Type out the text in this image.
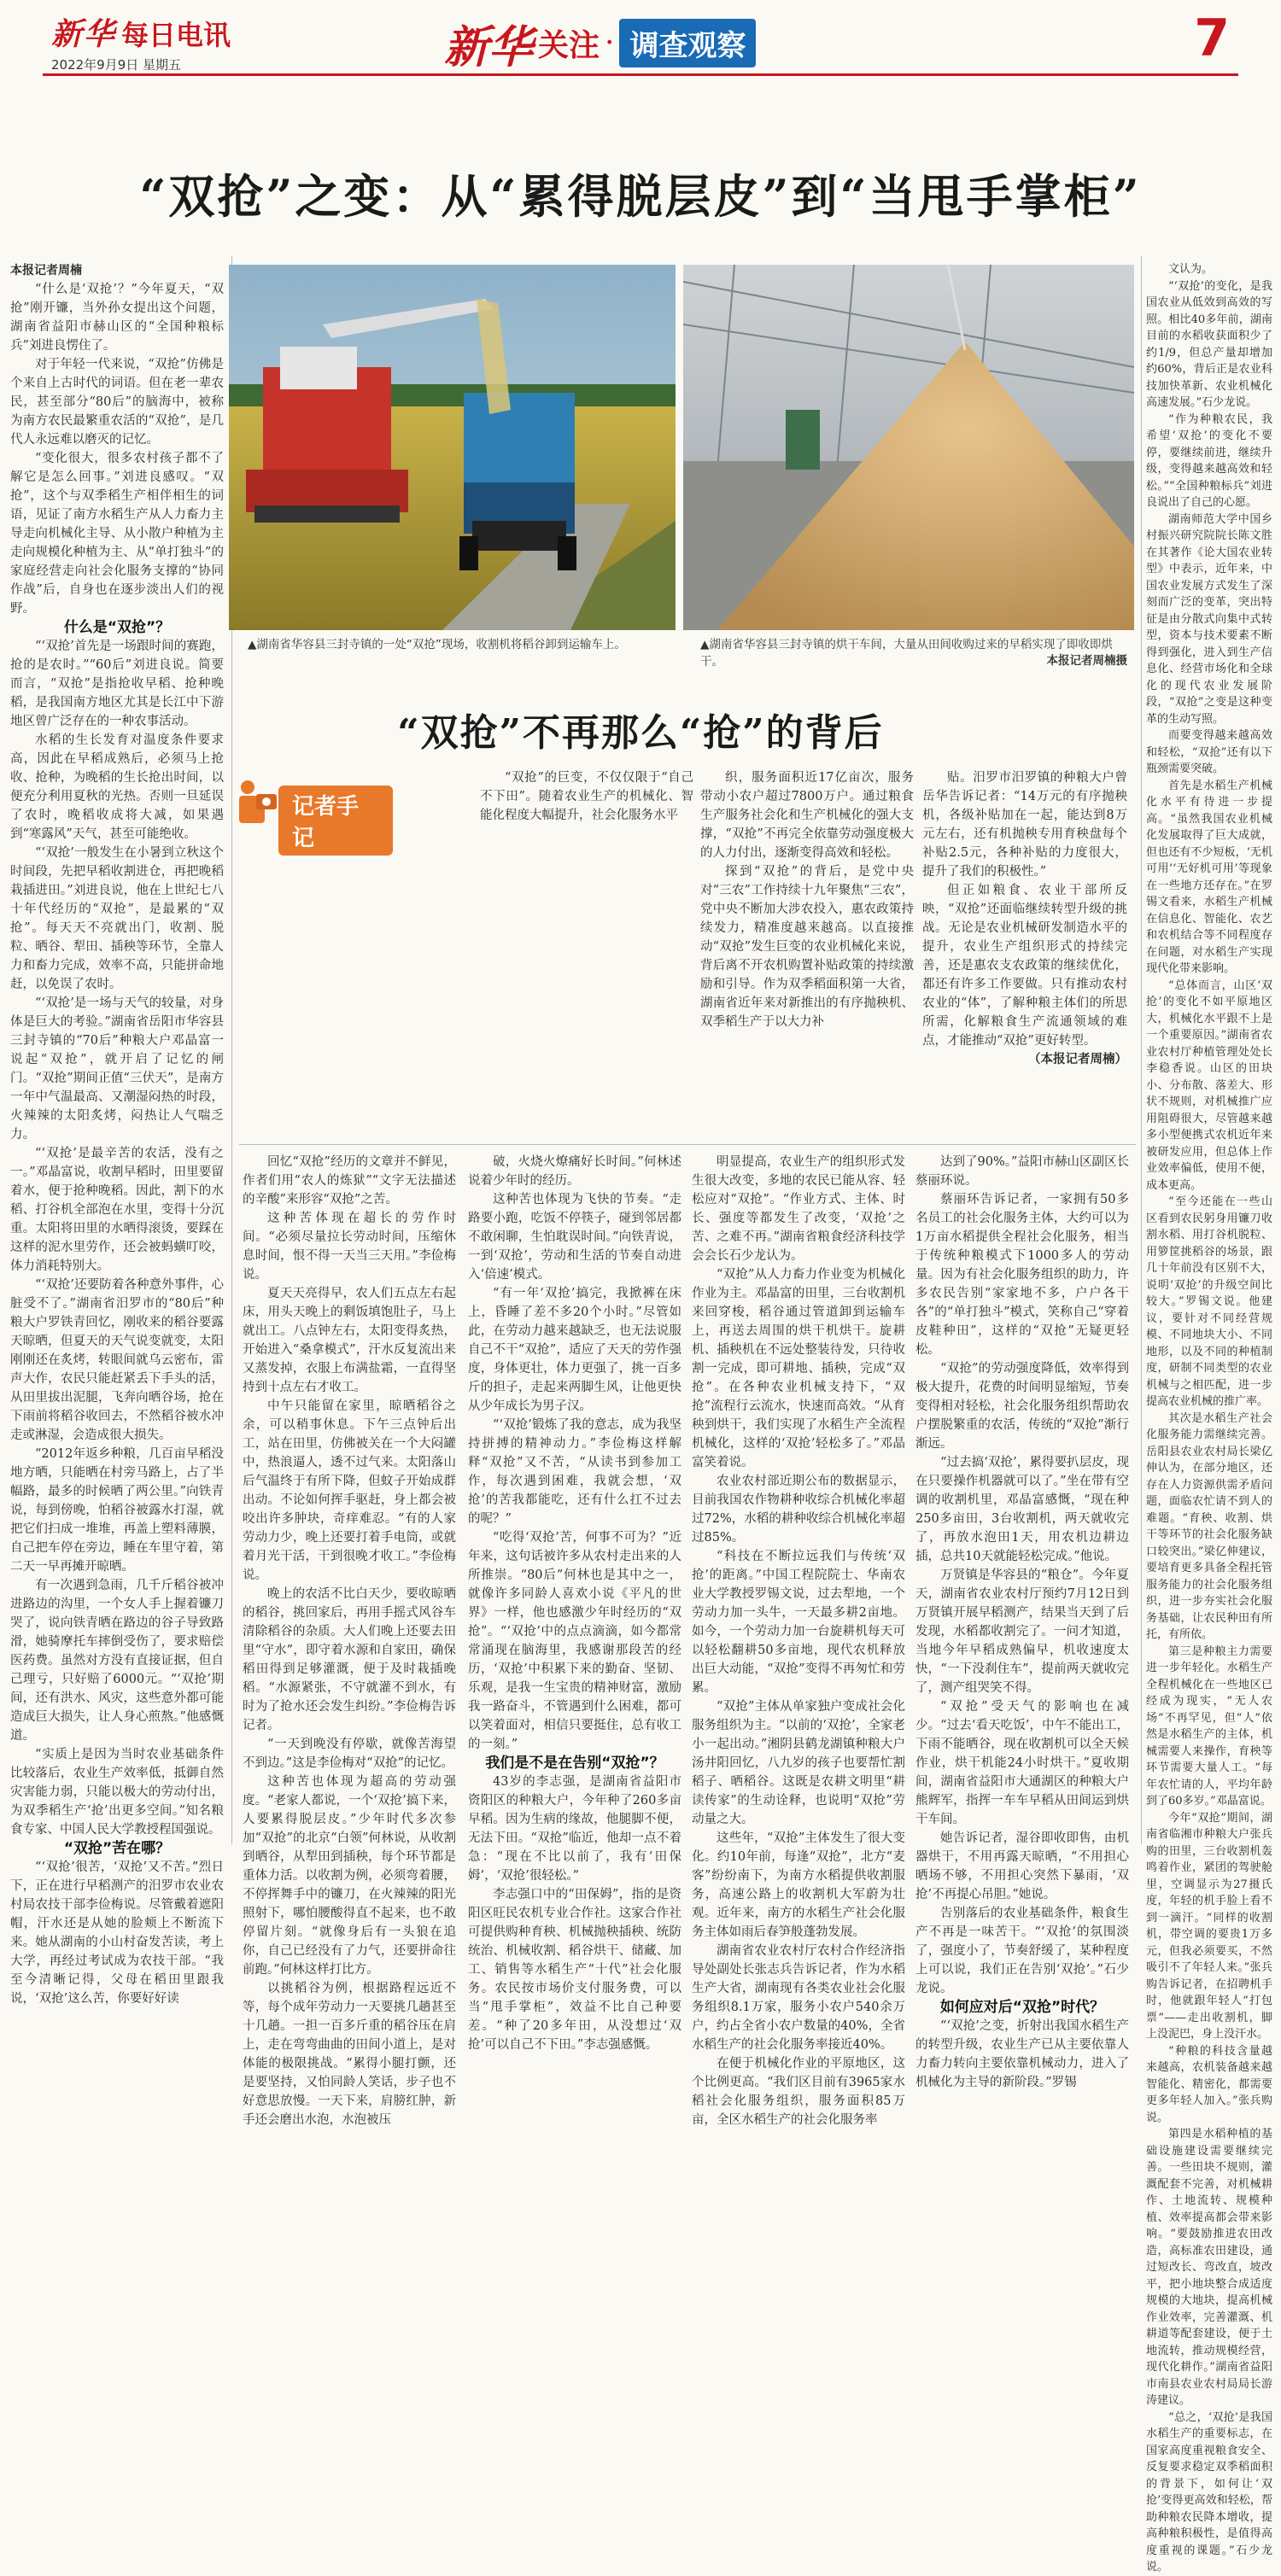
新华 每日电讯
2022年9月9日 星期五	新华 关注 · 调查观察	7
“双抢”之变：从“累得脱层皮”到“当甩手掌柜”

本报记者周楠

“什么是‘双抢’？”今年夏天，“双抢”刚开镰，当外孙女提出这个问题，湖南省益阳市赫山区的“全国种粮标兵”刘进良愣住了。

对于年轻一代来说，“双抢”仿佛是个来自上古时代的词语。但在老一辈农民，甚至部分“80后”的脑海中，被称为南方农民最繁重农活的“双抢”，是几代人永远难以磨灭的记忆。

“变化很大，很多农村孩子都不了解它是怎么回事。”刘进良感叹。“双抢”，这个与双季稻生产相伴相生的词语，见证了南方水稻生产从人力畜力主导走向机械化主导、从小散户种植为主走向规模化种植为主、从“单打独斗”的家庭经营走向社会化服务支撑的“协同作战”后，自身也在逐步淡出人们的视野。

什么是“双抢”？

“‘双抢’首先是一场跟时间的赛跑，抢的是农时。”“60后”刘进良说。简要而言，“双抢”是指抢收早稻、抢种晚稻，是我国南方地区尤其是长江中下游地区曾广泛存在的一种农事活动。

水稻的生长发育对温度条件要求高，因此在早稻成熟后，必须马上抢收、抢种，为晚稻的生长抢出时间，以便充分利用夏秋的光热。否则一旦延误了农时，晚稻收成将大减，如果遇到“寒露风”天气，甚至可能绝收。

“‘双抢’一般发生在小暑到立秋这个时间段，先把早稻收割进仓，再把晚稻栽插进田。”刘进良说，他在上世纪七八十年代经历的“双抢”，是最累的“双抢”。每天天不亮就出门，收割、脱粒、晒谷、犁田、插秧等环节，全靠人力和畜力完成，效率不高，只能拼命地赶，以免误了农时。

“‘双抢’是一场与天气的较量，对身体是巨大的考验。”湖南省岳阳市华容县三封寺镇的“70后”种粮大户邓晶富一说起“双抢”，就开启了记忆的闸门。“双抢”期间正值“三伏天”，是南方一年中气温最高、又潮湿闷热的时段，火辣辣的太阳炙烤，闷热让人气喘乏力。

“‘双抢’是最辛苦的农活，没有之一。”邓晶富说，收割早稻时，田里要留着水，便于抢种晚稻。因此，割下的水稻、打谷机全部泡在水里，变得十分沉重。太阳将田里的水晒得滚烫，要踩在这样的泥水里劳作，还会被蚂蟥叮咬，体力消耗特别大。

“‘双抢’还要防着各种意外事件，心脏受不了。”湖南省汨罗市的“80后”种粮大户罗铁青回忆，刚收来的稻谷要露天晾晒，但夏天的天气说变就变，太阳刚刚还在炙烤，转眼间就乌云密布，雷声大作，农民只能赶紧丢下手头的活，从田里拔出泥腿，飞奔向晒谷场，抢在下雨前将稻谷收回去，不然稻谷被水冲走或淋湿，会造成很大损失。

“2012年返乡种粮，几百亩早稻没地方晒，只能晒在村旁马路上，占了半幅路，最多的时候晒了两公里。”向铁青说，每到傍晚，怕稻谷被露水打湿，就把它们扫成一堆堆，再盖上塑料薄膜，自己把车停在旁边，睡在车里守着，第二天一早再摊开晾晒。

有一次遇到急雨，几千斤稻谷被冲进路边的沟里，一个女人手上握着镰刀哭了，说向铁青晒在路边的谷子导致路滑，她骑摩托车摔倒受伤了，要求赔偿医药费。虽然对方没有直接证据，但自己理亏，只好赔了6000元。“‘双抢’期间，还有洪水、风灾，这些意外都可能造成巨大损失，让人身心煎熬。”他感慨道。

“实质上是因为当时农业基础条件比较落后，农业生产效率低，抵御自然灾害能力弱，只能以极大的劳动付出，为双季稻生产‘抢’出更多空间。”知名粮食专家、中国人民大学教授程国强说。

“双抢”苦在哪？

“‘双抢’很苦，‘双抢’又不苦。”烈日下，正在进行早稻测产的汨罗市农业农村局农技干部李俭梅说。尽管戴着遮阳帽，汗水还是从她的脸颊上不断流下来。她从湖南的小山村奋发苦读，考上大学，再经过考试成为农技干部。“我至今清晰记得，父母在稻田里跟我说，‘双抢’这么苦，你要好好读

▲湖南省华容县三封寺镇的一处“双抢”现场，收割机将稻谷卸到运输车上。	▲湖南省华容县三封寺镇的烘干车间，大量从田间收购过来的早稻实现了即收即烘干。	本报记者周楠摄
“双抢”不再那么“抢”的背后
记者手记

“双抢”的巨变，不仅仅限于“自己不下田”。随着农业生产的机械化、智能化程度大幅提升，社会化服务水平

织，服务面积近17亿亩次，服务带动小农户超过7800万户。通过粮食生产服务社会化和生产机械化的强大支撑，“双抢”不再完全依靠劳动强度极大的人力付出，逐渐变得高效和轻松。

探到“双抢”的背后，是党中央对“三农”工作持续十九年聚焦“三农”，党中央不断加大涉农投入，惠农政策持续发力，精准度越来越高。以直接推动“双抢”发生巨变的农业机械化来说，背后离不开农机购置补贴政策的持续激励和引导。作为双季稻面积第一大省，湖南省近年来对新推出的有序抛秧机、双季稻生产于以大力补

贴。汨罗市汨罗镇的种粮大户曾岳华告诉记者：“14万元的有序抛秧机，各级补贴加在一起，能达到8万元左右，还有机抛秧专用育秧盘每个补贴2.5元，各种补贴的力度很大，提升了我们的积极性。”

但正如粮食、农业干部所反映，“双抢”还面临继续转型升级的挑战。无论是农业机械研发制造水平的提升，农业生产组织形式的持续完善，还是惠农支农政策的继续优化，都还有许多工作要做。只有推动农村农业的“体”，了解种粮主体们的所思所需，化解粮食生产流通领域的难点，才能推动“双抢”更好转型。

（本报记者周楠）

回忆“双抢”经历的文章并不鲜见，作者们用“农人的炼狱”“文字无法描述的辛酸”来形容“双抢”之苦。

这种苦体现在超长的劳作时间。“必须尽量拉长劳动时间，压缩休息时间，恨不得一天当三天用。”李俭梅说。

夏天天亮得早，农人们五点左右起床，用头天晚上的剩饭填饱肚子，马上就出工。八点钟左右，太阳变得炙热，开始进入“桑拿模式”，汗水反复流出来又蒸发掉，衣服上布满盐霜，一直得坚持到十点左右才收工。

中午只能留在家里，晾晒稻谷之余，可以稍事休息。下午三点钟后出工，站在田里，仿佛被关在一个大闷罐中，热浪逼人，透不过气来。太阳落山后气温终于有所下降，但蚊子开始成群出动。不论如何挥手驱赶，身上都会被咬出许多肿块，奇痒难忍。“有的人家劳动力少，晚上还要打着手电筒，或就着月光干活，干到很晚才收工。”李俭梅说。

晚上的农活不比白天少，要收晾晒的稻谷，挑回家后，再用手摇式风谷车清除稻谷的杂质。大人们晚上还要去田里“守水”，即守着水源和自家田，确保稻田得到足够灌溉，便于及时栽插晚稻。“水源紧张，不守就灌不到水，有时为了抢水还会发生纠纷。”李俭梅告诉记者。

“一天到晚没有停歇，就像苦海望不到边。”这是李俭梅对“双抢”的记忆。

这种苦也体现为超高的劳动强度。“老家人都说，一个‘双抢’搞下来，人要累得脱层皮。”少年时代多次参加“双抢”的北京“白领”何林说，从收割到晒谷，从犁田到插秧，每个环节都是重体力活。以收割为例，必须弯着腰，不停挥舞手中的镰刀，在火辣辣的阳光照射下，哪怕腰酸得直不起来，也不敢停留片刻。“就像身后有一头狼在追你，自己已经没有了力气，还要拼命往前跑。”何林这样打比方。

以挑稻谷为例，根据路程远近不等，每个成年劳动力一天要挑几趟甚至十几趟。一担一百多斤重的稻谷压在肩上，走在弯弯曲曲的田间小道上，是对体能的极限挑战。“累得小腿打颤，还是要坚持，又怕同龄人笑话，步子也不好意思放慢。一天下来，肩膀红肿，新手还会磨出水泡，水泡被压

破，火烧火燎痛好长时间。”何林述说着少年时的经历。

这种苦也体现为飞快的节奏。“走路要小跑，吃饭不停筷子，碰到邻居都不敢闲聊，生怕耽误时间。”向铁青说，一到‘双抢’，劳动和生活的节奏自动进入‘倍速’模式。

“有一年‘双抢’搞完，我掀裤在床上，昏睡了差不多20个小时。”尽管如此，在劳动力越来越缺乏，也无法说服自己不干“双抢”，适应了天天的劳作强度，身体更壮，体力更强了，挑一百多斤的担子，走起来两脚生风，让他更快从少年成长为男子汉。

“‘双抢’锻炼了我的意志，成为我坚持拼搏的精神动力。”李俭梅这样解释“双抢”又不苦，“从读书到参加工作，每次遇到困难，我就会想，‘双抢’的苦我都能吃，还有什么扛不过去的呢？”

“吃得‘双抢’苦，何事不可为？”近年来，这句话被许多从农村走出来的人所推崇。“80后”何林也是其中之一，就像许多同龄人喜欢小说《平凡的世界》一样，他也感激少年时经历的“双抢”。“‘双抢’中的点点滴滴，如今都常常涌现在脑海里，我感谢那段苦的经历，‘双抢’中积累下来的勤奋、坚韧、乐观，是我一生宝贵的精神财富，激励我一路奋斗，不管遇到什么困难，都可以笑着面对，相信只要挺住，总有收工的一刻。”

我们是不是在告别“双抢”？

43岁的李志强，是湖南省益阳市资阳区的种粮大户，今年种了260多亩早稻。因为生病的缘故，他腿脚不便，无法下田。“双抢”临近，他却一点不着急：“现在不比以前了，我有‘田保姆’，‘双抢’很轻松。”

李志强口中的“田保姆”，指的是资阳区旺民农机专业合作社。这家合作社可提供购种育秧、机械抛秧插秧、统防统治、机械收割、稻谷烘干、储藏、加工、销售等水稻生产“十代”社会化服务。农民按市场价支付服务费，可以当“甩手掌柜”，效益不比自己种要差。“种了20多年田，从没想过‘双抢’可以自己不下田。”李志强感慨。

明显提高，农业生产的组织形式发生很大改变，多地的农民已能从容、轻松应对“双抢”。“作业方式、主体、时长、强度等都发生了改变，‘双抢’之苦、之难不再。”湖南省粮食经济科技学会会长石少龙认为。

“双抢”从人力畜力作业变为机械化作业为主。邓晶富的田里，三台收割机来回穿梭，稻谷通过管道卸到运输车上，再送去周围的烘干机烘干。旋耕机、插秧机在不远处整装待发，只待收割一完成，即可耕地、插秧，完成“双抢”。在各种农业机械支持下，“双抢”流程行云流水，快速而高效。“从育秧到烘干，我们实现了水稻生产全流程机械化，这样的‘双抢’轻松多了。”邓晶富笑着说。

农业农村部近期公布的数据显示，目前我国农作物耕种收综合机械化率超过72%，水稻的耕种收综合机械化率超过85%。

“科技在不断拉远我们与传统‘双抢’的距离。”中国工程院院士、华南农业大学教授罗锡文说，过去犁地，一个劳动力加一头牛，一天最多耕2亩地。如今，一个劳动力加一台旋耕机每天可以轻松翻耕50多亩地，现代农机释放出巨大动能，“双抢”变得不再匆忙和劳累。

“双抢”主体从单家独户变成社会化服务组织为主。“以前的‘双抢’，全家老小一起出动。”湘阴县鹤龙湖镇种粮大户汤井阳回忆，八九岁的孩子也要帮忙割稻子、晒稻谷。这既是农耕文明里“耕读传家”的生动诠释，也说明“双抢”劳动量之大。

这些年，“双抢”主体发生了很大变化。约10年前，每逢“双抢”，北方“麦客”纷纷南下，为南方水稻提供收割服务，高速公路上的收割机大军蔚为壮观。近年来，南方的水稻生产社会化服务主体如雨后春笋般蓬勃发展。

湖南省农业农村厅农村合作经济指导处副处长张志兵告诉记者，作为水稻生产大省，湖南现有各类农业社会化服务组织8.1万家，服务小农户540余万户，约占全省小农户数量的40%，全省水稻生产的社会化服务率接近40%。

在便于机械化作业的平原地区，这个比例更高。“我们区目前有3965家水稻社会化服务组织，服务面积85万亩，全区水稻生产的社会化服务率

达到了90%。”益阳市赫山区副区长蔡丽环说。

蔡丽环告诉记者，一家拥有50多名员工的社会化服务主体，大约可以为1万亩水稻提供全程社会化服务，相当于传统种粮模式下1000多人的劳动量。因为有社会化服务组织的助力，许多农民告别“家家地不多，户户各干各”的“单打独斗”模式，笑称自己“穿着皮鞋种田”，这样的“双抢”无疑更轻松。

“双抢”的劳动强度降低，效率得到极大提升，花费的时间明显缩短，节奏变得相对轻松，社会化服务组织帮助农户摆脱繁重的农活，传统的“双抢”渐行渐远。

“过去搞‘双抢’，累得要扒层皮，现在只要操作机器就可以了。”坐在带有空调的收割机里，邓晶富感慨，“现在种250多亩田，3台收割机，两天就收完了，再放水泡田1天，用农机边耕边插，总共10天就能轻松完成。”他说。

万贤镇是华容县的“粮仓”。今年夏天，湖南省农业农村厅预约7月12日到万贤镇开展早稻测产，结果当天到了后发现，水稻都收割完了。一问才知道，当地今年早稻成熟偏早，机收速度太快，“一下没刹住车”，提前两天就收完了，测产组哭笑不得。

“双抢”受天气的影响也在减少。“过去‘看天吃饭’，中午不能出工，下雨不能晒谷，现在收割机可以全天候作业，烘干机能24小时烘干。”夏收期间，湖南省益阳市大通湖区的种粮大户熊辉军，指挥一车车早稻从田间运到烘干车间。

她告诉记者，湿谷即收即售，由机器烘干，不用再露天晾晒，“不用担心晒场不够，不用担心突然下暴雨，‘双抢’不再提心吊胆。”她说。

告别落后的农业基础条件，粮食生产不再是一味苦干。“‘双抢’的氛围淡了，强度小了，节奏舒缓了，某种程度上可以说，我们正在告别‘双抢’。”石少龙说。

如何应对后“双抢”时代？

“‘双抢’之变，折射出我国水稻生产的转型升级，农业生产已从主要依靠人力畜力转向主要依靠机械动力，进入了机械化为主导的新阶段。”罗锡

文认为。

“‘双抢’的变化，是我国农业从低效到高效的写照。相比40多年前，湖南目前的水稻收获面积少了约1/9，但总产量却增加约60%，背后正是农业科技加快革新、农业机械化高速发展。”石少龙说。

“作为种粮农民，我希望‘双抢’的变化不要停，要继续前进，继续升级，变得越来越高效和轻松。”“全国种粮标兵”刘进良说出了自己的心愿。

湖南师范大学中国乡村振兴研究院院长陈文胜在其著作《论大国农业转型》中表示，近年来，中国农业发展方式发生了深刻而广泛的变革，突出特征是由分散式向集中式转型，资本与技术要素不断得到强化，进入到生产信息化、经营市场化和全球化的现代农业发展阶段，“双抢”之变是这种变革的生动写照。

而要变得越来越高效和轻松，“双抢”还有以下瓶颈需要突破。

首先是水稻生产机械化水平有待进一步提高。“虽然我国农业机械化发展取得了巨大成就，但也还有不少短板，‘无机可用’‘无好机可用’等现象在一些地方还存在。”在罗锡文看来，水稻生产机械在信息化、智能化、农艺和农机结合等不同程度存在问题，对水稻生产实现现代化带来影响。

“总体而言，山区‘双抢’的变化不如平原地区大，机械化水平跟不上是一个重要原因。”湖南省农业农村厅种植管理处处长李稳香说。山区的田块小、分布散、落差大、形状不规则，对机械推广应用阻碍很大，尽管越来越多小型便携式农机近年来被研发应用，但总体上作业效率偏低，使用不便，成本更高。

“至今还能在一些山区看到农民躬身用镰刀收割水稻、用打谷机脱粒、用箩筐挑稻谷的场景，跟几十年前没有区别不大，说明‘双抢’的升级空间比较大。”罗锡文说。他建议，要针对不同经营规模、不同地块大小、不同地形，以及不同的种植制度，研制不同类型的农业机械与之相匹配，进一步提高农业机械的推广率。

其次是水稻生产社会化服务能力需继续完善。岳阳县农业农村局长梁亿伸认为，在部分地区，还存在人力资源供需矛盾问题，面临农忙请不到人的难题。“育秧、收割、烘干等环节的社会化服务缺口较突出。”梁亿伸建议，要培育更多具备全程托管服务能力的社会化服务组织，进一步夯实社会化服务基础，让农民种田有所托，有所依。

第三是种粮主力需要进一步年轻化。水稻生产全程机械化在一些地区已经成为现实，“无人农场”不再罕见，但“人”依然是水稻生产的主体，机械需要人来操作，育秧等环节需要大量人工。“每年农忙请的人，平均年龄到了60多岁。”邓晶富说。

今年“双抢”期间，湖南省临湘市种粮大户张兵购的田里，三台收割机轰鸣着作业，紧团的驾驶舱里，空调显示为27摄氏度，年轻的机手脸上看不到一滴汗。“同样的收割机，带空调的要贵1万多元，但我必须要买，不然吸引不了年轻人来。”张兵购告诉记者，在招聘机手时，他就跟年轻人“打包票”——走出收割机，脚上没泥巴，身上没汗水。

“种粮的科技含量越来越高，农机装备越来越智能化、精密化，都需要更多年轻人加入。”张兵购说。

第四是水稻种植的基础设施建设需要继续完善。一些田块不规则，灌溉配套不完善，对机械耕作、土地流转、规模种植、效率提高都会带来影响。“要鼓励推进农田改造，高标准农田建设，通过短改长、弯改直，坡改平，把小地块整合成适度规模的大地块，提高机械作业效率，完善灌溉、机耕道等配套建设，便于土地流转，推动规模经营，现代化耕作。”湖南省益阳市南县农业农村局局长游涛建议。

“总之，‘双抢’是我国水稻生产的重要标志，在国家高度重视粮食安全、反复要求稳定双季稻面积的背景下，如何让‘双抢’变得更高效和轻松，帮助种粮农民降本增收，提高种粮积极性，是值得高度重视的课题。”石少龙说。
